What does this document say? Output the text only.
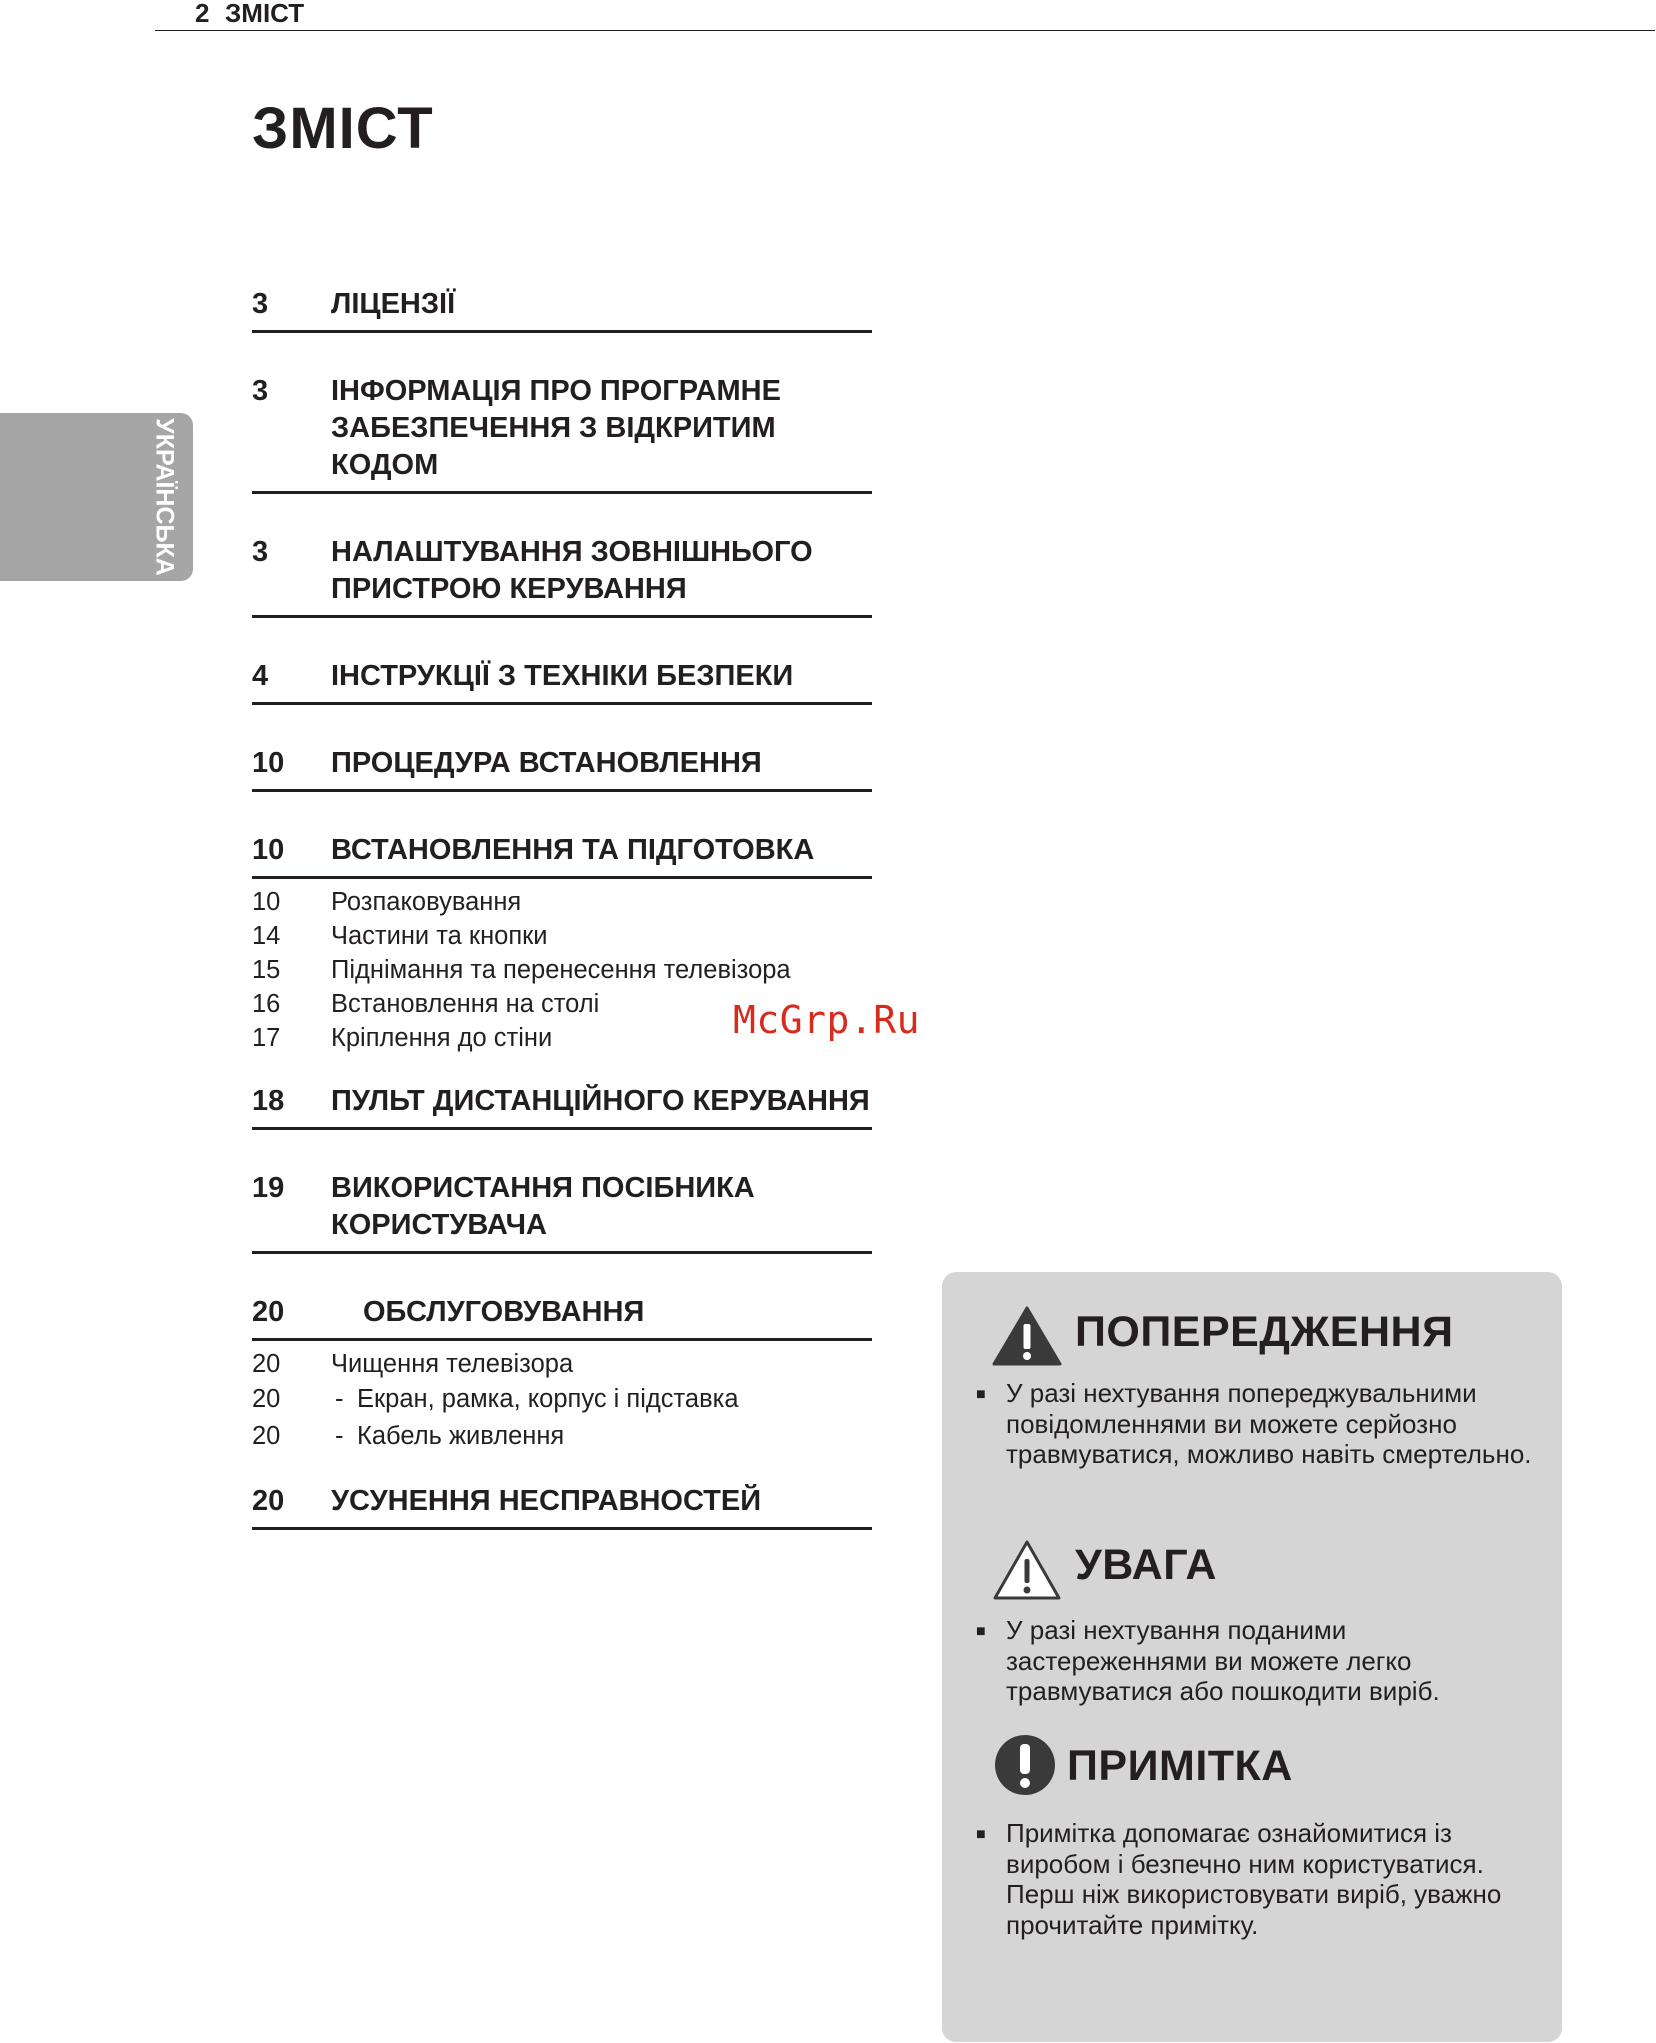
2 ЗМІСТ
ЗМІСТ
УКРАЇНСЬКА
3	ЛІЦЕНЗІЇ
3	ІНФОРМАЦІЯ ПРО ПРОГРАМНЕ ЗАБЕЗПЕЧЕННЯ З ВІДКРИТИМ КОДОМ
3	НАЛАШТУВАННЯ ЗОВНІШНЬОГО ПРИСТРОЮ КЕРУВАННЯ
4	ІНСТРУКЦІЇ З ТЕХНІКИ БЕЗПЕКИ
10	ПРОЦЕДУРА ВСТАНОВЛЕННЯ
10	ВСТАНОВЛЕННЯ ТА ПІДГОТОВКА
10	Розпаковування
14	Частини та кнопки
15	Піднімання та перенесення телевізора
16	Встановлення на столі
17	Кріплення до стіни
18	ПУЛЬТ ДИСТАНЦІЙНОГО КЕРУВАННЯ
19	ВИКОРИСТАННЯ ПОСІБНИКА КОРИСТУВАЧА
20	ОБСЛУГОВУВАННЯ
20	Чищення телевізора
20	- Екран, рамка, корпус і підставка
20	- Кабель живлення
20	УСУНЕННЯ НЕСПРАВНОСТЕЙ
McGrp.Ru
ПОПЕРЕДЖЕННЯ
■ У разі нехтування попереджувальними повідомленнями ви можете серйозно травмуватися, можливо навіть смертельно.
УВАГА
■ У разі нехтування поданими застереженнями ви можете легко травмуватися або пошкодити виріб.
ПРИМІТКА
■ Примітка допомагає ознайомитися із виробом і безпечно ним користуватися. Перш ніж використовувати виріб, уважно прочитайте примітку.
